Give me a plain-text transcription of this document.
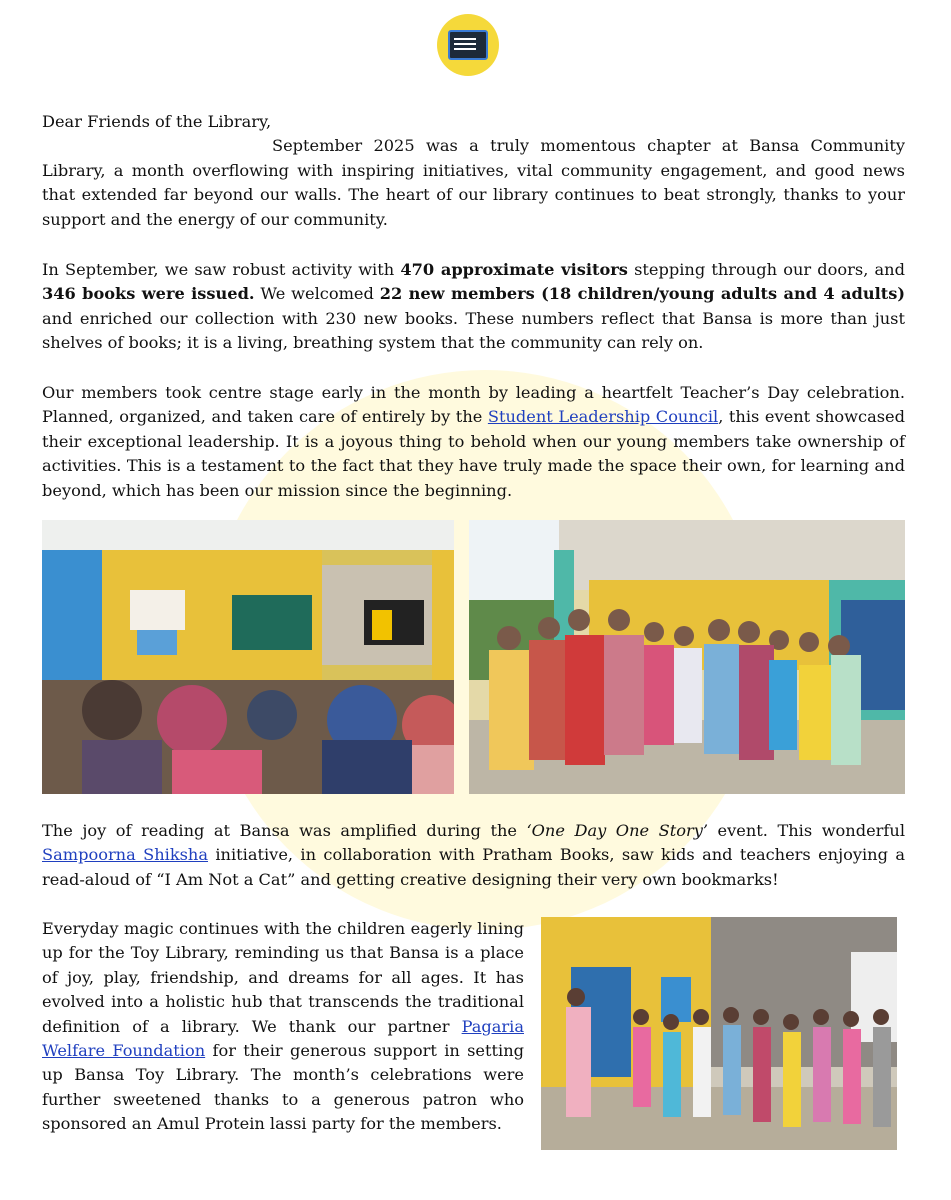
Dear Friends of the Library,
September 2025 was a truly momentous chapter at Bansa Community Library, a month overflowing with inspiring initiatives, vital community engagement, and good news that extended far beyond our walls. The heart of our library continues to beat strongly, thanks to your support and the energy of our community.
In September, we saw robust activity with 470 approximate visitors stepping through our doors, and 346 books were issued. We welcomed 22 new members (18 children/young adults and 4 adults) and enriched our collection with 230 new books. These numbers reflect that Bansa is more than just shelves of books; it is a living, breathing system that the community can rely on.
Our members took centre stage early in the month by leading a heartfelt Teacher’s Day celebration. Planned, organized, and taken care of entirely by the Student Leadership Council, this event showcased their exceptional leadership. It is a joyous thing to behold when our young members take ownership of activities. This is a testament to the fact that they have truly made the space their own, for learning and beyond, which has been our mission since the beginning.
The joy of reading at Bansa was amplified during the ‘One Day One Story’ event. This wonderful Sampoorna Shiksha initiative, in collaboration with Pratham Books, saw kids and teachers enjoying a read-aloud of “I Am Not a Cat” and getting creative designing their very own bookmarks!
Everyday magic continues with the children eagerly lining up for the Toy Library, reminding us that Bansa is a place of joy, play, friendship, and dreams for all ages. It has evolved into a holistic hub that transcends the traditional definition of a library. We thank our partner Pagaria Welfare Foundation for their generous support in setting up Bansa Toy Library. The month’s celebrations were further sweetened thanks to a generous patron who sponsored an Amul Protein lassi party for the members.
